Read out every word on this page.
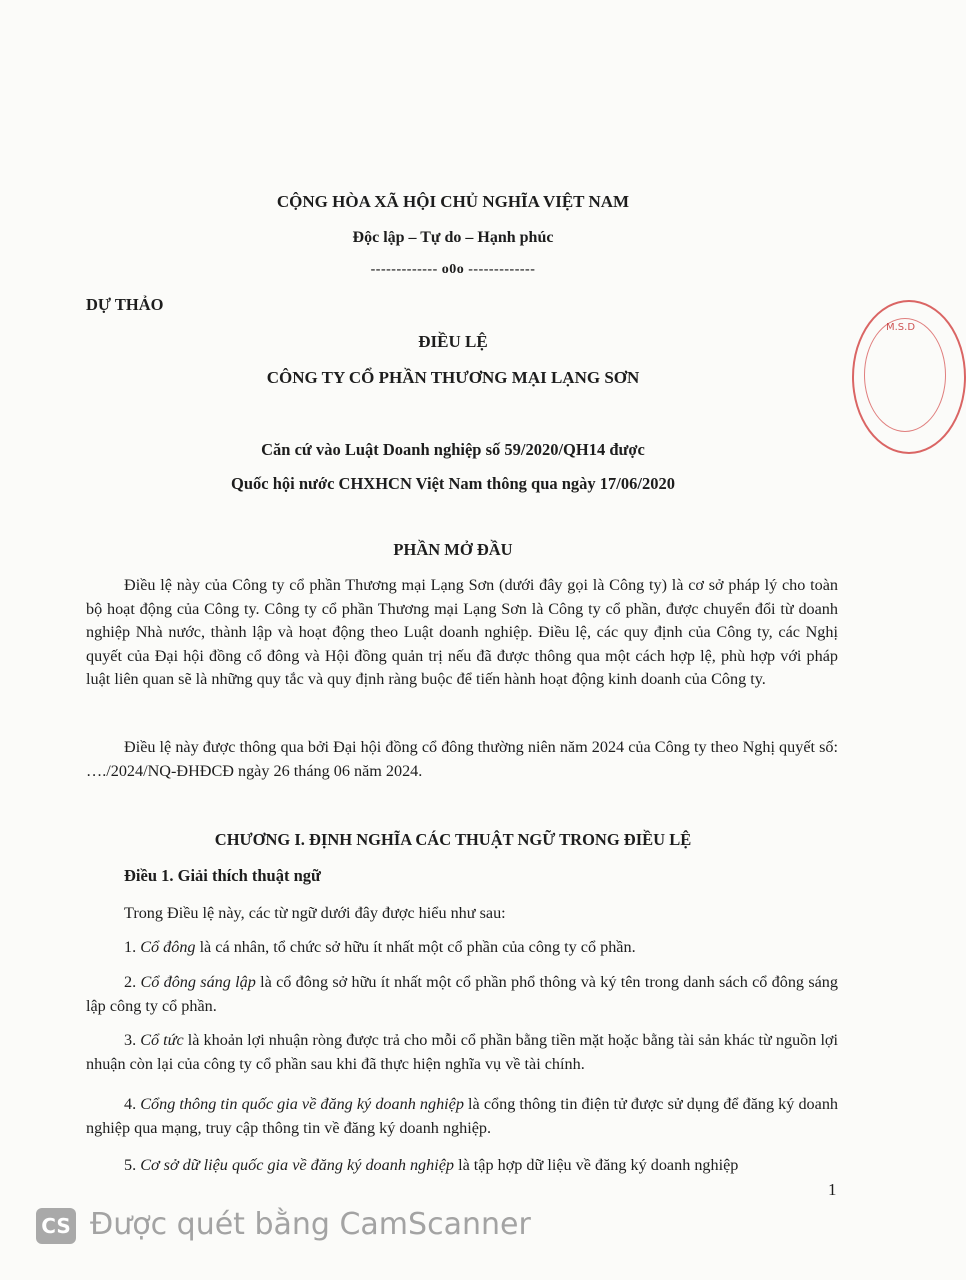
M.S.D
CỘNG HÒA XÃ HỘI CHỦ NGHĨA VIỆT NAM
Độc lập – Tự do – Hạnh phúc
------------- o0o -------------
DỰ THẢO
ĐIỀU LỆ
CÔNG TY CỔ PHẦN THƯƠNG MẠI LẠNG SƠN
Căn cứ vào Luật Doanh nghiệp số 59/2020/QH14 được
Quốc hội nước CHXHCN Việt Nam thông qua ngày 17/06/2020
PHẦN MỞ ĐẦU

Điều lệ này của Công ty cổ phần Thương mại Lạng Sơn (dưới đây gọi là Công ty) là cơ sở pháp lý cho toàn bộ hoạt động của Công ty. Công ty cổ phần Thương mại Lạng Sơn là Công ty cổ phần, được chuyển đổi từ doanh nghiệp Nhà nước, thành lập và hoạt động theo Luật doanh nghiệp. Điều lệ, các quy định của Công ty, các Nghị quyết của Đại hội đồng cổ đông và Hội đồng quản trị nếu đã được thông qua một cách hợp lệ, phù hợp với pháp luật liên quan sẽ là những quy tắc và quy định ràng buộc để tiến hành hoạt động kinh doanh của Công ty.

Điều lệ này được thông qua bởi Đại hội đồng cổ đông thường niên năm 2024 của Công ty theo Nghị quyết số: …./2024/NQ-ĐHĐCĐ ngày 26 tháng 06 năm 2024.

CHƯƠNG I. ĐỊNH NGHĨA CÁC THUẬT NGỮ TRONG ĐIỀU LỆ
Điều 1. Giải thích thuật ngữ

Trong Điều lệ này, các từ ngữ dưới đây được hiểu như sau:

1. Cổ đông là cá nhân, tổ chức sở hữu ít nhất một cổ phần của công ty cổ phần.

2. Cổ đông sáng lập là cổ đông sở hữu ít nhất một cổ phần phổ thông và ký tên trong danh sách cổ đông sáng lập công ty cổ phần.

3. Cổ tức là khoản lợi nhuận ròng được trả cho mỗi cổ phần bằng tiền mặt hoặc bằng tài sản khác từ nguồn lợi nhuận còn lại của công ty cổ phần sau khi đã thực hiện nghĩa vụ về tài chính.

4. Cổng thông tin quốc gia về đăng ký doanh nghiệp là cổng thông tin điện tử được sử dụng để đăng ký doanh nghiệp qua mạng, truy cập thông tin về đăng ký doanh nghiệp.

5. Cơ sở dữ liệu quốc gia về đăng ký doanh nghiệp là tập hợp dữ liệu về đăng ký doanh nghiệp

1
CS Được quét bằng CamScanner
